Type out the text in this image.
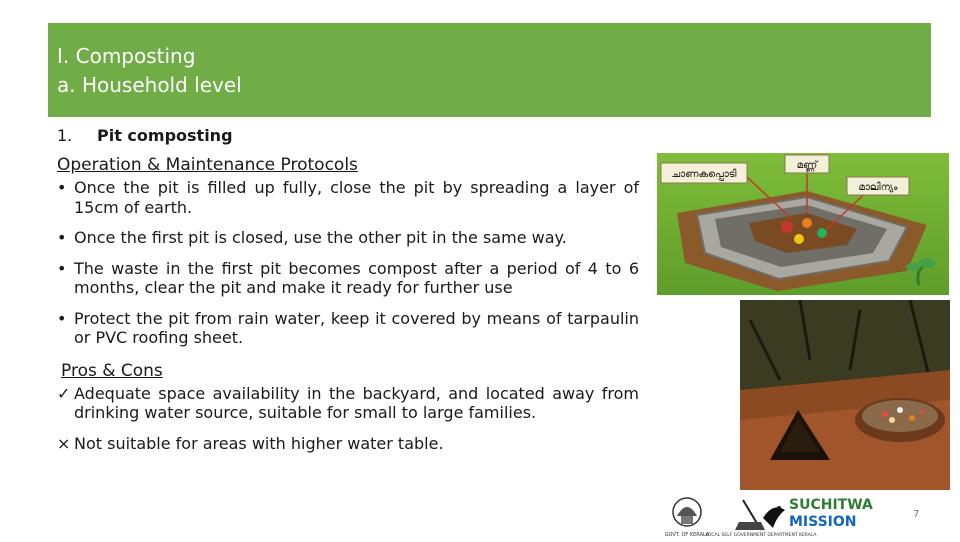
I. Composting
a. Household level
1. Pit composting
Operation & Maintenance Protocols
• Once the pit is filled up fully, close the pit by spreading a layer of 15cm of earth.
• Once the first pit is closed, use the other pit in the same way.
• The waste in the first pit becomes compost after a period of 4 to 6 months, clear the pit and make it ready for further use
• Protect the pit from rain water, keep it covered by means of tarpaulin or PVC roofing sheet.
Pros & Cons
✓ Adequate space availability in the backyard, and located away from drinking water source, suitable for small to large families.
× Not suitable for areas with higher water table.
ചാണകപ്പൊടി
മണ്ണ്
മാലിന്യം
GOVT. OF KERALA
LOCAL SELF GOVERNMENT DEPARTMENT KERALA
SUCHITWA
MISSION	7
